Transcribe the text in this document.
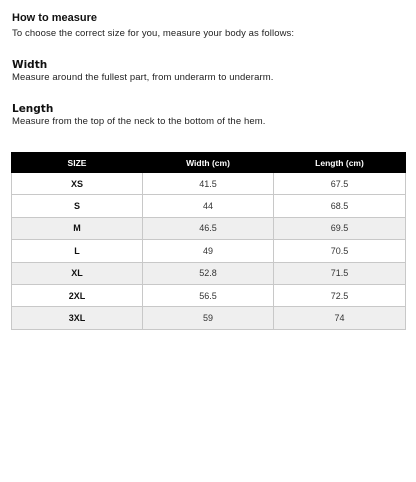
How to measure
To choose the correct size for you, measure your body as follows:
Width
Measure around the fullest part, from underarm to underarm.
Length
Measure from the top of the neck to the bottom of the hem.
SIZE	Width (cm)	Length (cm)
XS	41.5	67.5
S	44	68.5
M	46.5	69.5
L	49	70.5
XL	52.8	71.5
2XL	56.5	72.5
3XL	59	74
